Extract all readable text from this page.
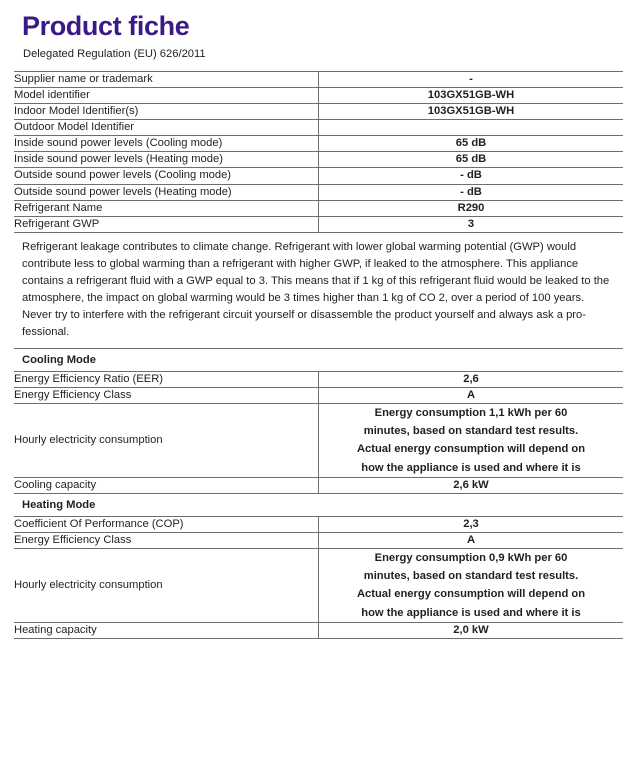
Product fiche

Delegated Regulation (EU) 626/2011

Supplier name or trademark	-
Model identifier	103GX51GB-WH
Indoor Model Identifier(s)	103GX51GB-WH
Outdoor Model Identifier	
Inside sound power levels (Cooling mode)	65 dB
Inside sound power levels (Heating mode)	65 dB
Outside sound power levels (Cooling mode)	- dB
Outside sound power levels (Heating mode)	- dB
Refrigerant Name	R290
Refrigerant GWP	3
Refrigerant leakage contributes to climate change. Refrigerant with lower global warming potential (GWP) would contribute less to global warming than a refrigerant with higher GWP, if leaked to the atmosphere. This appliance contains a refrigerant fluid with a GWP equal to 3. This means that if 1 kg of this refrigerant fluid would be leaked to the atmosphere, the impact on global warming would be 3 times higher than 1 kg of CO 2, over a period of 100 years. Never try to interfere with the refrigerant circuit yourself or disassemble the product yourself and always ask a pro-fessional.	
Cooling Mode	
Energy Efficiency Ratio (EER)	2,6
Energy Efficiency Class	A
Hourly electricity consumption	Energy consumption 1,1 kWh per 60
minutes, based on standard test results.
Actual energy consumption will depend on
how the appliance is used and where it is

Cooling capacity	2,6 kW
Heating Mode	
Coefficient Of Performance (COP)	2,3
Energy Efficiency Class	A
Hourly electricity consumption	Energy consumption 0,9 kWh per 60
minutes, based on standard test results.
Actual energy consumption will depend on
how the appliance is used and where it is

Heating capacity	2,0 kW
